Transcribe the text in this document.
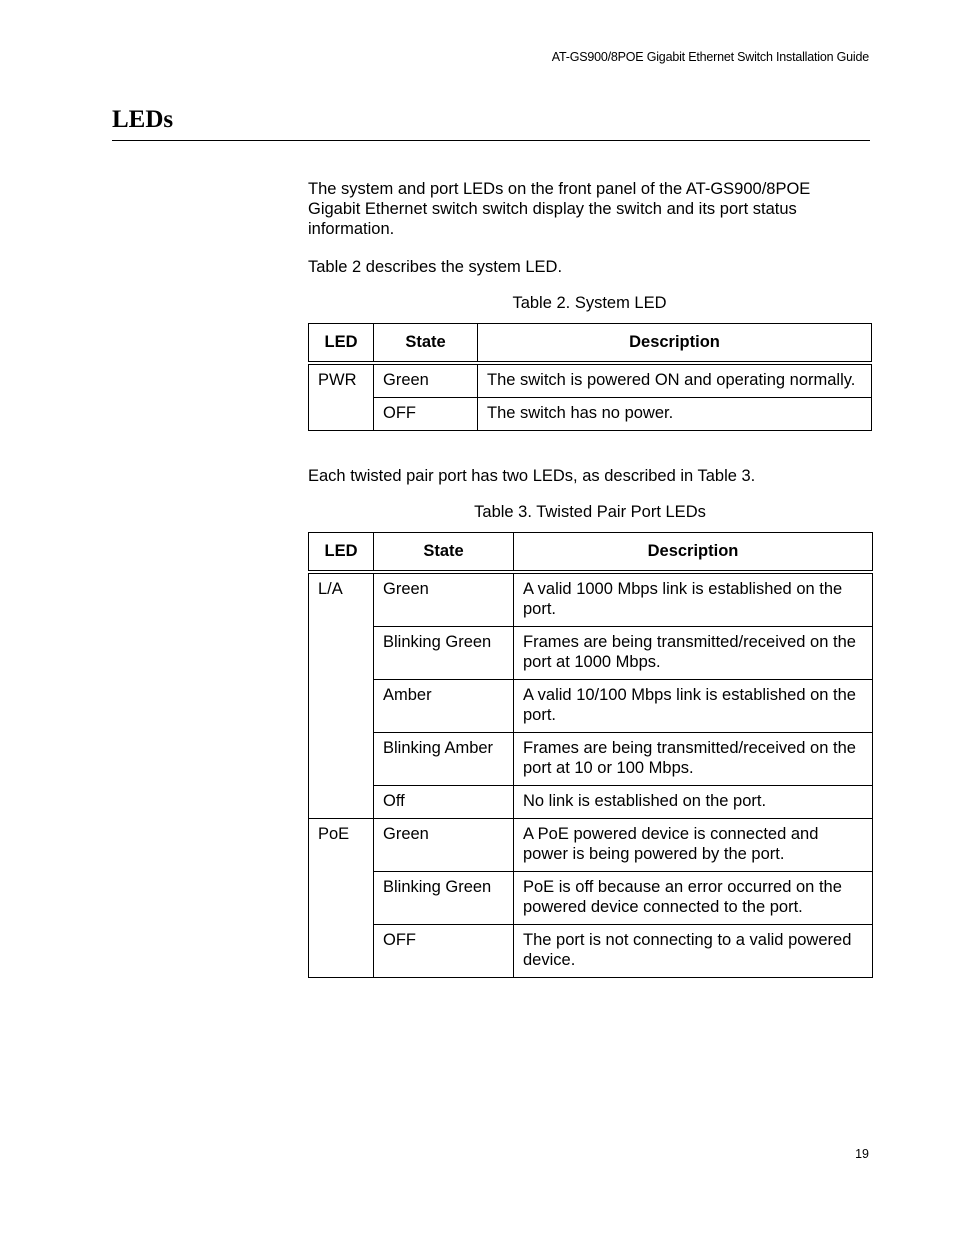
AT-GS900/8POE Gigabit Ethernet Switch Installation Guide
LEDs

The system and port LEDs on the front panel of the AT-GS900/8POE Gigabit Ethernet switch switch display the switch and its port status information.

Table 2 describes the system LED.

Table 2. System LED
LED	State	Description
PWR	Green	The switch is powered ON and operating normally.
	OFF	The switch has no power.

Each twisted pair port has two LEDs, as described in Table 3.

Table 3. Twisted Pair Port LEDs
LED	State	Description
L/A	Green	A valid 1000 Mbps link is established on the port.
	Blinking Green	Frames are being transmitted/received on the port at 1000 Mbps.
	Amber	A valid 10/100 Mbps link is established on the port.
	Blinking Amber	Frames are being transmitted/received on the port at 10 or 100 Mbps.
	Off	No link is established on the port.
PoE	Green	A PoE powered device is connected and power is being powered by the port.
	Blinking Green	PoE is off because an error occurred on the powered device connected to the port.
	OFF	The port is not connecting to a valid powered device.
19
